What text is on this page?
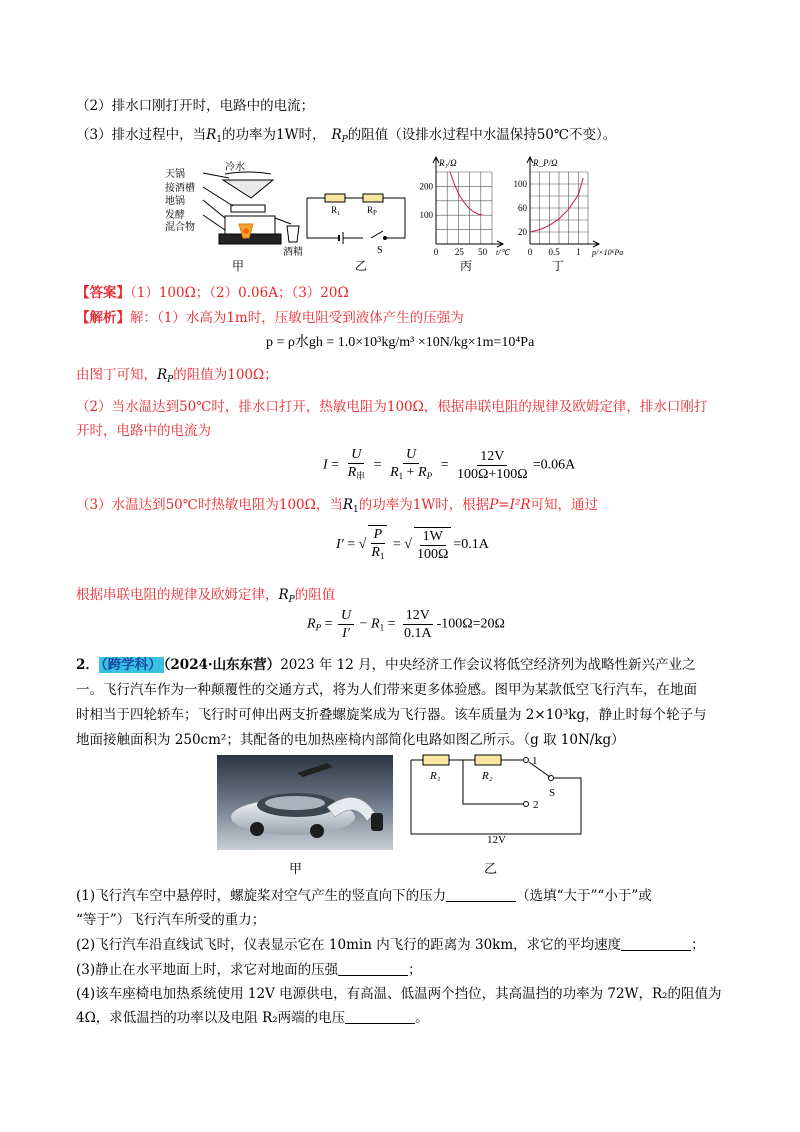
（2）排水口刚打开时，电路中的电流；
（3）排水过程中，当$R_1$的功率为1W时， $R_P$的阻值（设排水过程中水温保持50℃不变）。
冷水
天锅
接酒槽
地锅
发酵
混合物
酒精
甲
R₁	$R_P$
S
乙
0 25 50
100
200
R₁/Ω
t/℃
丙
0 0.5 1
20
60
100
R_P/Ω
p/×10⁶Pa
丁
【答案】（1）100Ω；（2）0.06A；（3）20Ω
【解析】解：（1）水高为1m时，压敏电阻受到液体产生的压强为
p = ρ水gh = 1.0×10³kg/m³ ×10N/kg×1m=10⁴Pa
由图丁可知，$R_P$的阻值为100Ω；
（2）当水温达到50℃时，排水口打开，热敏电阻为100Ω，根据串联电阻的规律及欧姆定律，排水口刚打
开时，电路中的电流为
$I = \frac{U}{R_串} = \frac{U}{R_1 + R_P} = \frac{12V}{100\Omega+100\Omega} =0.06A$
（3）水温达到50℃时热敏电阻为100Ω，当$R_1$的功率为1W时，根据P=I²R可知，通过
I′ = √ $\frac{P}{R_1}$ = √ $\frac{1W}{100\Omega} =0.1A$
根据串联电阻的规律及欧姆定律，$R_P$的阻值
$R_P = \frac{U}{I'} - R_1 = \frac{12V}{0.1A} -100\Omega=20\Omega$
2． （跨学科） （2024·山东东营）2023 年 12 月，中央经济工作会议将低空经济列为战略性新兴产业之
一。飞行汽车作为一种颠覆性的交通方式，将为人们带来更多体验感。图甲为某款低空飞行汽车，在地面
时相当于四轮轿车；飞行时可伸出两支折叠螺旋桨成为飞行器。该车质量为 2×10³kg，静止时每个轮子与
地面接触面积为 250cm²；其配备的电加热座椅内部简化电路如图乙所示。（g 取 10N/kg）
甲
R₁	R₂
1
2
S
12V
乙
(1)飞行汽车空中悬停时，螺旋桨对空气产生的竖直向下的压力	（选填“大于”“小于”或
“等于”）飞行汽车所受的重力；
(2)飞行汽车沿直线试飞时，仪表显示它在 10min 内飞行的距离为 30km，求它的平均速度	；
(3)静止在水平地面上时，求它对地面的压强	；
(4)该车座椅电加热系统使用 12V 电源供电，有高温、低温两个挡位，其高温挡的功率为 72W，R₂的阻值为
4Ω，求低温挡的功率以及电阻 R₂两端的电压	。
